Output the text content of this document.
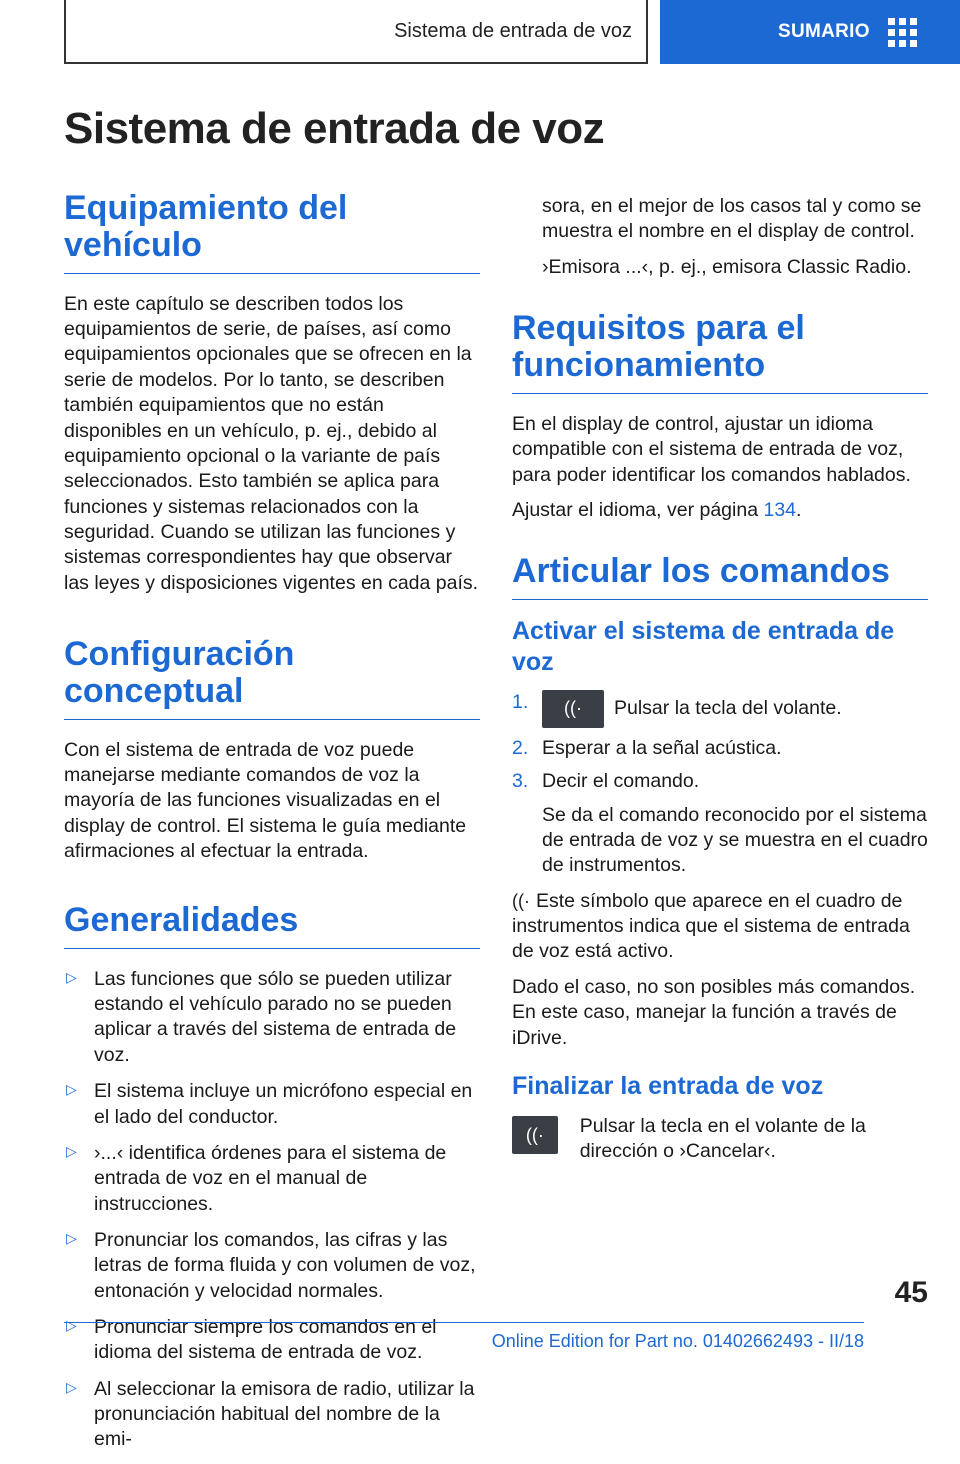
Sistema de entrada de voz	SUMARIO
Sistema de entrada de voz
Equipamiento del vehículo

En este capítulo se describen todos los equipamientos de serie, de países, así como equipamientos opcionales que se ofrecen en la serie de modelos. Por lo tanto, se describen también equipamientos que no están disponibles en un vehículo, p. ej., debido al equipamiento opcional o la variante de país seleccionados. Esto también se aplica para funciones y sistemas relacionados con la seguridad. Cuando se utilizan las funciones y sistemas correspondientes hay que observar las leyes y disposiciones vigentes en cada país.

Configuración conceptual

Con el sistema de entrada de voz puede manejarse mediante comandos de voz la mayoría de las funciones visualizadas en el display de control. El sistema le guía mediante afirmaciones al efectuar la entrada.

Generalidades
▷ Las funciones que sólo se pueden utilizar estando el vehículo parado no se pueden aplicar a través del sistema de entrada de voz.
▷ El sistema incluye un micrófono especial en el lado del conductor.
▷ ›...‹ identifica órdenes para el sistema de entrada de voz en el manual de instrucciones.
▷ Pronunciar los comandos, las cifras y las letras de forma fluida y con volumen de voz, entonación y velocidad normales.
▷ Pronunciar siempre los comandos en el idioma del sistema de entrada de voz.
▷ Al seleccionar la emisora de radio, utilizar la pronunciación habitual del nombre de la emi-

sora, en el mejor de los casos tal y como se muestra el nombre en el display de control.

›Emisora ...‹, p. ej., emisora Classic Radio.

Requisitos para el funcionamiento

En el display de control, ajustar un idioma compatible con el sistema de entrada de voz, para poder identificar los comandos hablados.

Ajustar el idioma, ver página 134.

Articular los comandos
Activar el sistema de entrada de voz
1.	((· Pulsar la tecla del volante.
2. Esperar a la señal acústica.
3. Decir el comando.

Se da el comando reconocido por el sistema de entrada de voz y se muestra en el cuadro de instrumentos.

((· Este símbolo que aparece en el cuadro de instrumentos indica que el sistema de entrada de voz está activo.

Dado el caso, no son posibles más comandos. En este caso, manejar la función a través de iDrive.

Finalizar la entrada de voz
((·	Pulsar la tecla en el volante de la dirección o ›Cancelar‹.

45
Online Edition for Part no. 01402662493 - II/18
